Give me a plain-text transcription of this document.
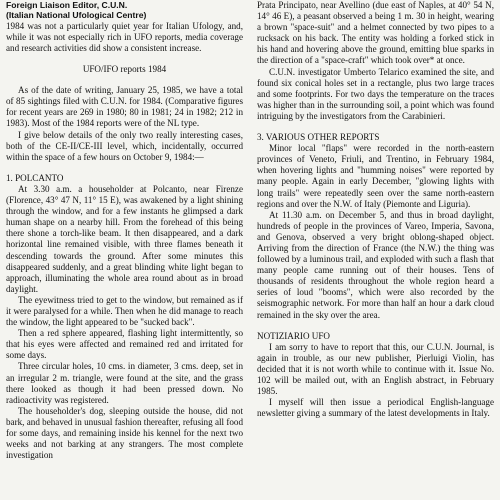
Foreign Liaison Editor, C.U.N.

(Italian National Ufological Centre)

1984 was not a particularly quiet year for Italian Ufology, and, while it was not especially rich in UFO reports, media coverage and research activities did show a consistent increase.

UFO/IFO reports 1984

As of the date of writing, January 25, 1985, we have a total of 85 sightings filed with C.U.N. for 1984. (Comparative figures for recent years are 269 in 1980; 80 in 1981; 24 in 1982; 212 in 1983). Most of the 1984 reports were of the NL type.

I give below details of the only two really interesting cases, both of the CE-II/CE-III level, which, incidentally, occurred within the space of a few hours on October 9, 1984:—

1. POLCANTO

At 3.30 a.m. a householder at Polcanto, near Firenze (Florence, 43° 47 N, 11° 15 E), was awakened by a light shining through the window, and for a few instants he glimpsed a dark human shape on a nearby hill. From the forehead of this being there shone a torch-like beam. It then disappeared, and a dark horizontal line remained visible, with three flames beneath it descending towards the ground. After some minutes this disappeared suddenly, and a great blinding white light began to approach, illuminating the whole area round about as in broad daylight.

The eyewitness tried to get to the window, but remained as if it were paralysed for a while. Then when he did manage to reach the window, the light appeared to be "sucked back".

Then a red sphere appeared, flashing light intermittently, so that his eyes were affected and remained red and irritated for some days.

Three circular holes, 10 cms. in diameter, 3 cms. deep, set in an irregular 2 m. triangle, were found at the site, and the grass there looked as though it had been pressed down. No radioactivity was registered.

The householder's dog, sleeping outside the house, did not bark, and behaved in unusual fashion thereafter, refusing all food for some days, and remaining inside his kennel for the next two weeks and not barking at any strangers. The most complete investigation

Prata Principato, near Avellino (due east of Naples, at 40° 54 N, 14° 46 E), a peasant observed a being 1 m. 30 in height, wearing a brown "space-suit" and a helmet connected by two pipes to a rucksack on his back. The entity was holding a forked stick in his hand and hovering above the ground, emitting blue sparks in the direction of a "space-craft" which took over* at once.

C.U.N. investigator Umberto Telarico examined the site, and found six conical holes set in a rectangle, plus two large traces and some footprints. For two days the temperature on the traces was higher than in the surrounding soil, a point which was found intriguing by the investigators from the Carabinieri.

3. VARIOUS OTHER REPORTS

Minor local "flaps" were recorded in the north-eastern provinces of Veneto, Friuli, and Trentino, in February 1984, when hovering lights and "humming noises" were reported by many people. Again in early December, "glowing lights with long trails" were repeatedly seen over the same north-eastern regions and over the N.W. of Italy (Piemonte and Liguria).

At 11.30 a.m. on December 5, and thus in broad daylight, hundreds of people in the provinces of Vareo, Imperia, Savona, and Genova, observed a very bright oblong-shaped object. Arriving from the direction of France (the N.W.) the thing was followed by a luminous trail, and exploded with such a flash that many people came running out of their houses. Tens of thousands of residents throughout the whole region heard a series of loud "booms", which were also recorded by the seismographic network. For more than half an hour a dark cloud remained in the sky over the area.

NOTIZIARIO UFO

I am sorry to have to report that this, our C.U.N. Journal, is again in trouble, as our new publisher, Pierluigi Violin, has decided that it is not worth while to continue with it. Issue No. 102 will be mailed out, with an English abstract, in February 1985.

I myself will then issue a periodical English-language newsletter giving a summary of the latest developments in Italy.
